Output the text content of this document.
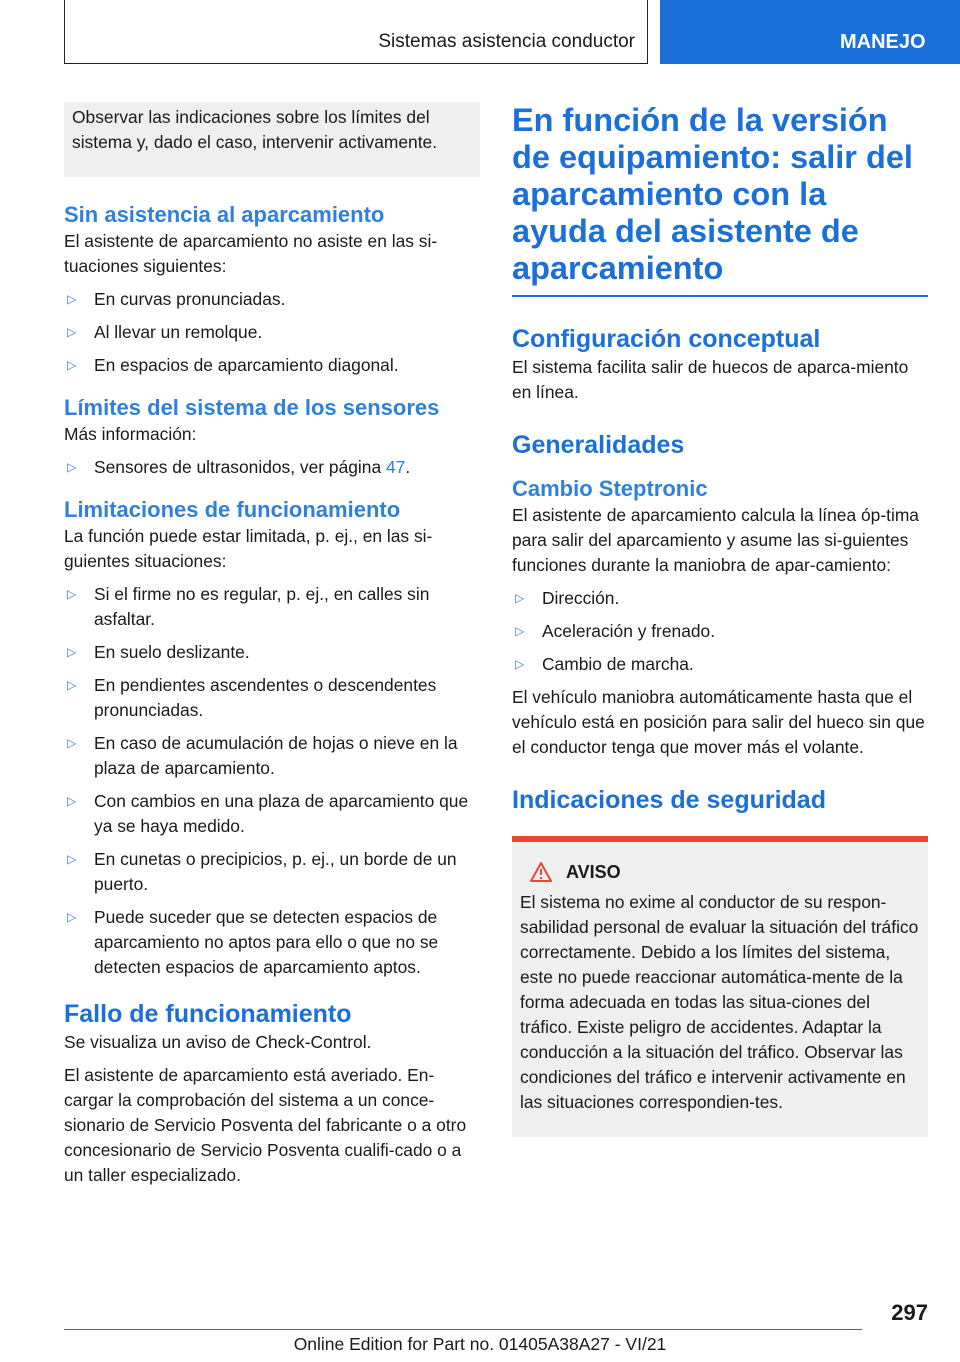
Sistemas asistencia conductor	MANEJO

Observar las indicaciones sobre los límites del sistema y, dado el caso, intervenir activamente.

Sin asistencia al aparcamiento

El asistente de aparcamiento no asiste en las si-tuaciones siguientes:

▷ En curvas pronunciadas.
▷ Al llevar un remolque.
▷ En espacios de aparcamiento diagonal.
Límites del sistema de los sensores

Más información:

▷ Sensores de ultrasonidos, ver página 47.
Limitaciones de funcionamiento

La función puede estar limitada, p. ej., en las si-guientes situaciones:

▷ Si el firme no es regular, p. ej., en calles sin asfaltar.
▷ En suelo deslizante.
▷ En pendientes ascendentes o descendentes pronunciadas.
▷ En caso de acumulación de hojas o nieve en la plaza de aparcamiento.
▷ Con cambios en una plaza de aparcamiento que ya se haya medido.
▷ En cunetas o precipicios, p. ej., un borde de un puerto.
▷ Puede suceder que se detecten espacios de aparcamiento no aptos para ello o que no se detecten espacios de aparcamiento aptos.
Fallo de funcionamiento

Se visualiza un aviso de Check-Control.

El asistente de aparcamiento está averiado. En-cargar la comprobación del sistema a un conce-sionario de Servicio Posventa del fabricante o a otro concesionario de Servicio Posventa cualifi-cado o a un taller especializado.

En función de la versión de equipamiento: salir del aparcamiento con la ayuda del asistente de aparcamiento
Configuración conceptual

El sistema facilita salir de huecos de aparca-miento en línea.

Generalidades
Cambio Steptronic

El asistente de aparcamiento calcula la línea óp-tima para salir del aparcamiento y asume las si-guientes funciones durante la maniobra de apar-camiento:

▷ Dirección.
▷ Aceleración y frenado.
▷ Cambio de marcha.

El vehículo maniobra automáticamente hasta que el vehículo está en posición para salir del hueco sin que el conductor tenga que mover más el volante.

Indicaciones de seguridad
AVISO

El sistema no exime al conductor de su respon-sabilidad personal de evaluar la situación del tráfico correctamente. Debido a los límites del sistema, este no puede reaccionar automática-mente de la forma adecuada en todas las situa-ciones del tráfico. Existe peligro de accidentes. Adaptar la conducción a la situación del tráfico. Observar las condiciones del tráfico e intervenir activamente en las situaciones correspondien-tes.

297
Online Edition for Part no. 01405A38A27 - VI/21
